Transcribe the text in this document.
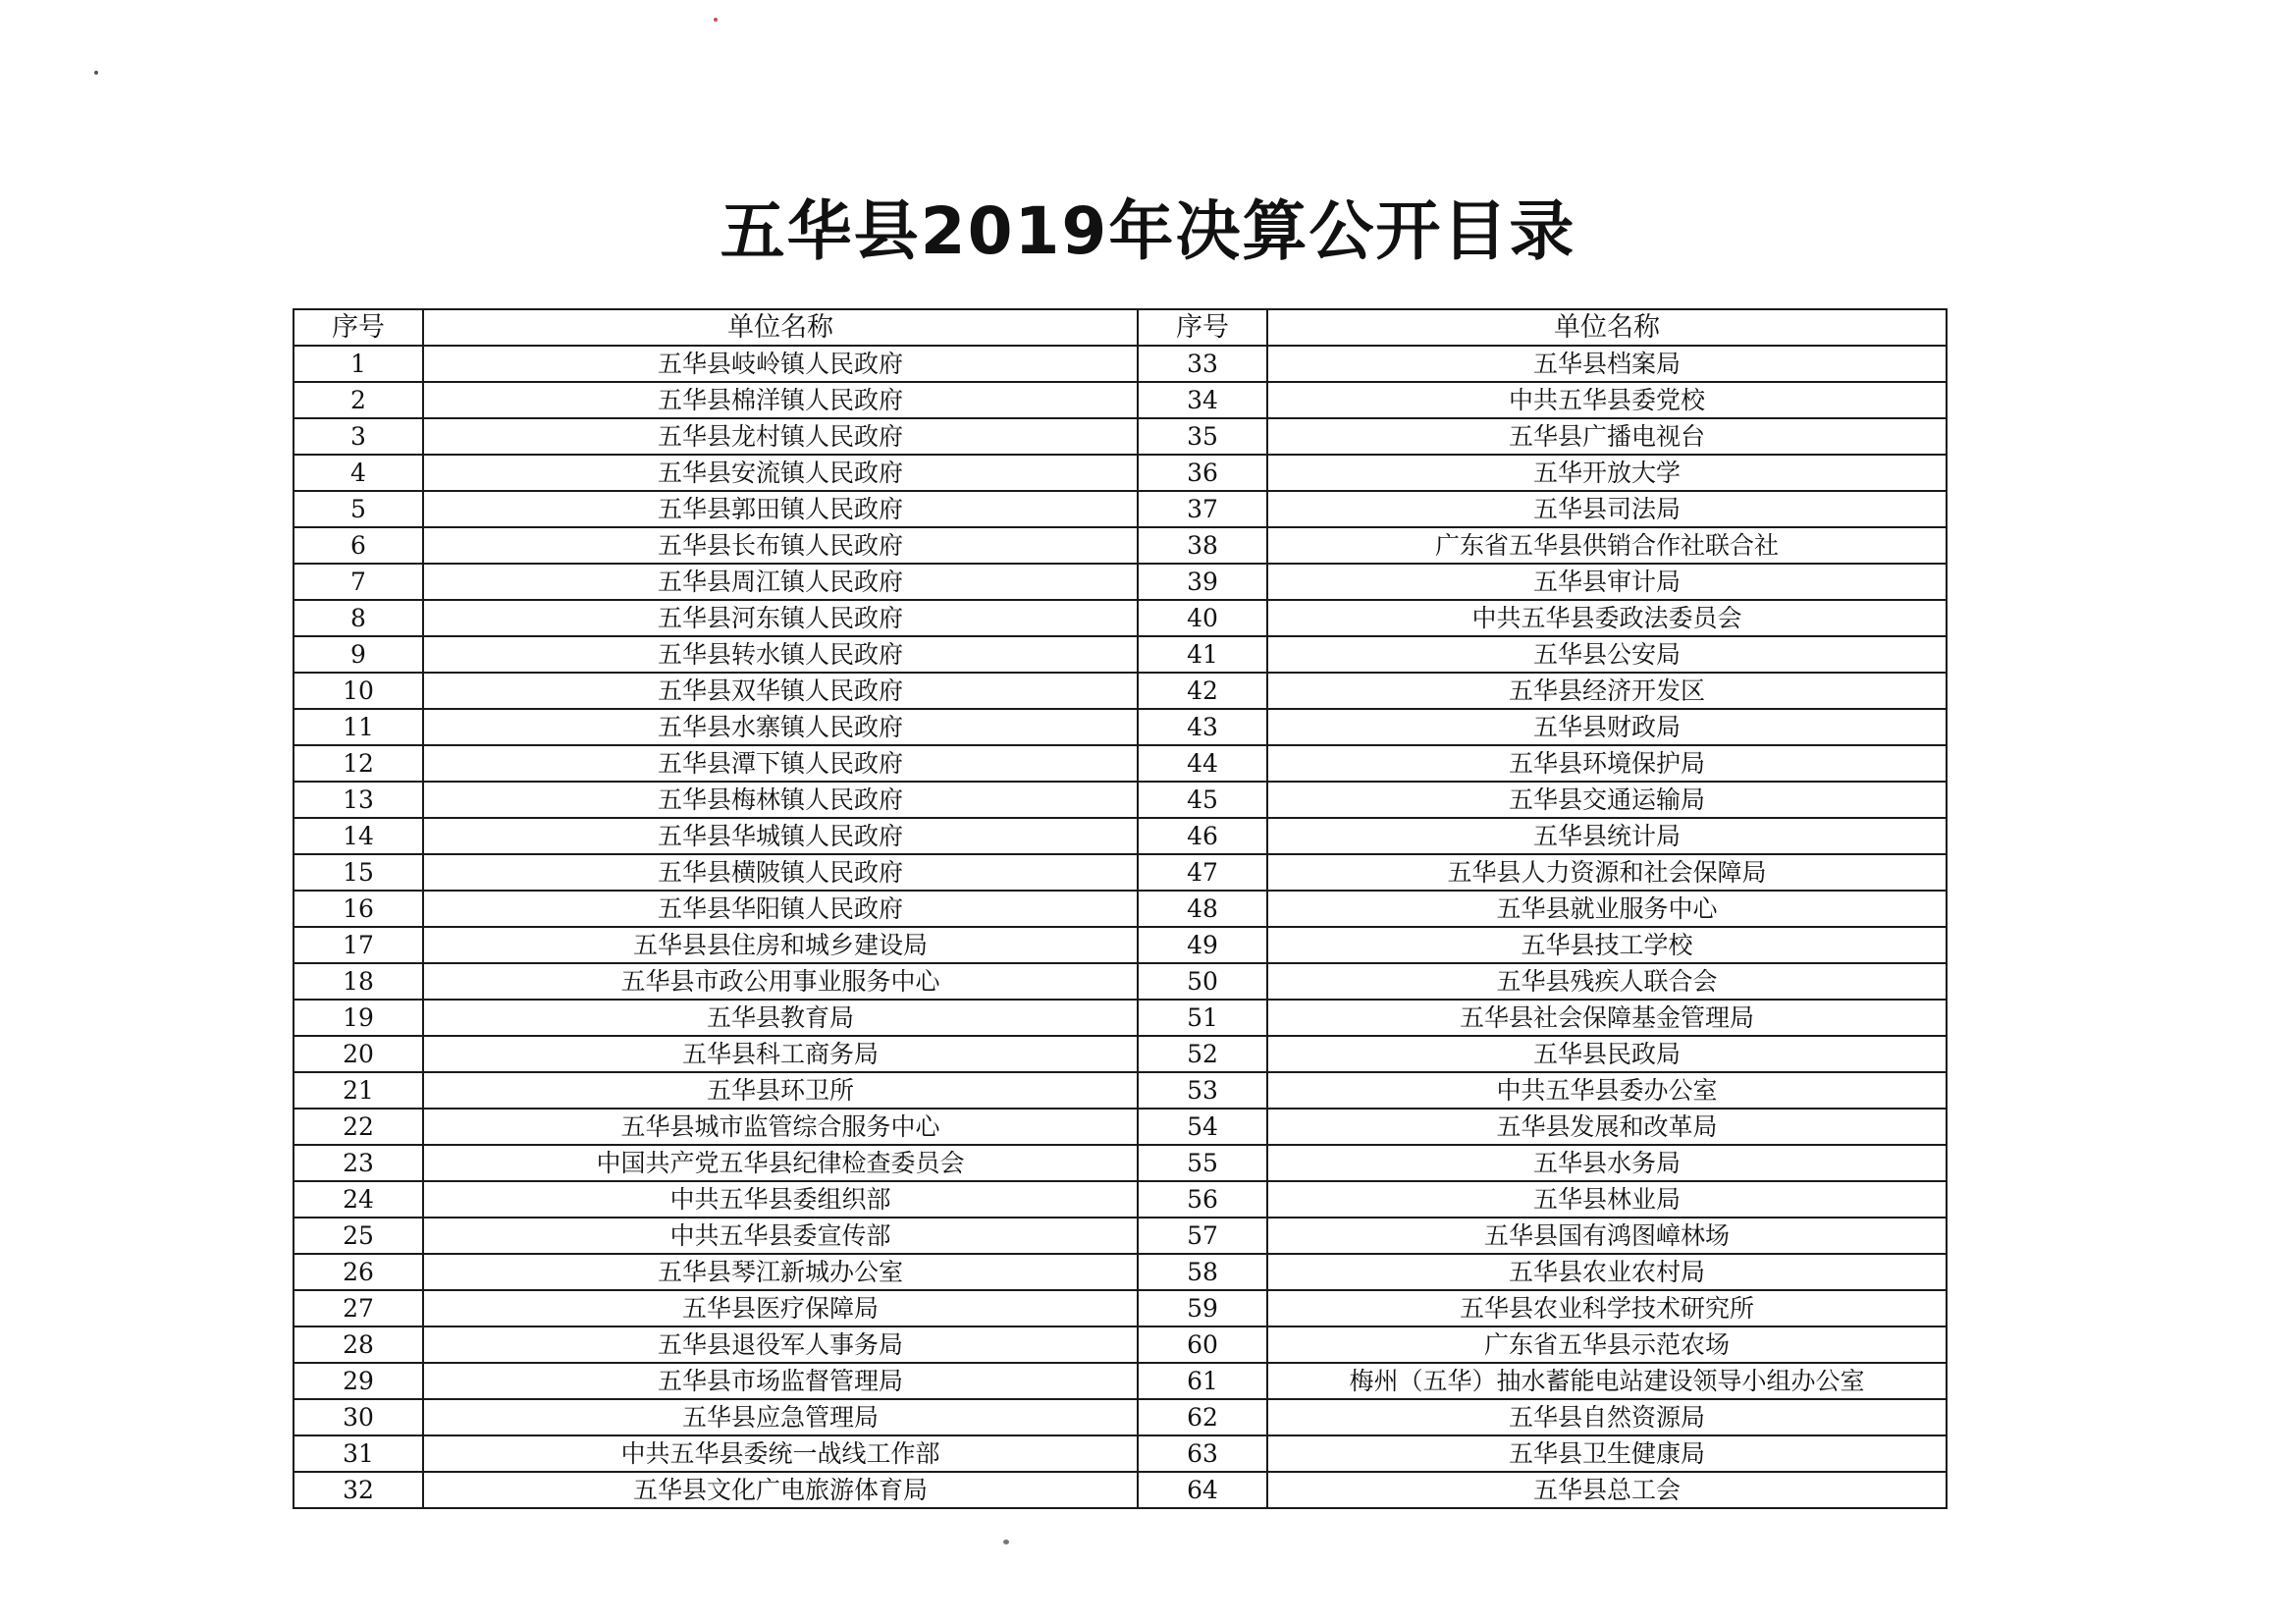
五华县2019年决算公开目录
序号	单位名称	序号	单位名称
1	五华县岐岭镇人民政府	33	五华县档案局
2	五华县棉洋镇人民政府	34	中共五华县委党校
3	五华县龙村镇人民政府	35	五华县广播电视台
4	五华县安流镇人民政府	36	五华开放大学
5	五华县郭田镇人民政府	37	五华县司法局
6	五华县长布镇人民政府	38	广东省五华县供销合作社联合社
7	五华县周江镇人民政府	39	五华县审计局
8	五华县河东镇人民政府	40	中共五华县委政法委员会
9	五华县转水镇人民政府	41	五华县公安局
10	五华县双华镇人民政府	42	五华县经济开发区
11	五华县水寨镇人民政府	43	五华县财政局
12	五华县潭下镇人民政府	44	五华县环境保护局
13	五华县梅林镇人民政府	45	五华县交通运输局
14	五华县华城镇人民政府	46	五华县统计局
15	五华县横陂镇人民政府	47	五华县人力资源和社会保障局
16	五华县华阳镇人民政府	48	五华县就业服务中心
17	五华县县住房和城乡建设局	49	五华县技工学校
18	五华县市政公用事业服务中心	50	五华县残疾人联合会
19	五华县教育局	51	五华县社会保障基金管理局
20	五华县科工商务局	52	五华县民政局
21	五华县环卫所	53	中共五华县委办公室
22	五华县城市监管综合服务中心	54	五华县发展和改革局
23	中国共产党五华县纪律检查委员会	55	五华县水务局
24	中共五华县委组织部	56	五华县林业局
25	中共五华县委宣传部	57	五华县国有鸿图嶂林场
26	五华县琴江新城办公室	58	五华县农业农村局
27	五华县医疗保障局	59	五华县农业科学技术研究所
28	五华县退役军人事务局	60	广东省五华县示范农场
29	五华县市场监督管理局	61	梅州（五华）抽水蓄能电站建设领导小组办公室
30	五华县应急管理局	62	五华县自然资源局
31	中共五华县委统一战线工作部	63	五华县卫生健康局
32	五华县文化广电旅游体育局	64	五华县总工会
